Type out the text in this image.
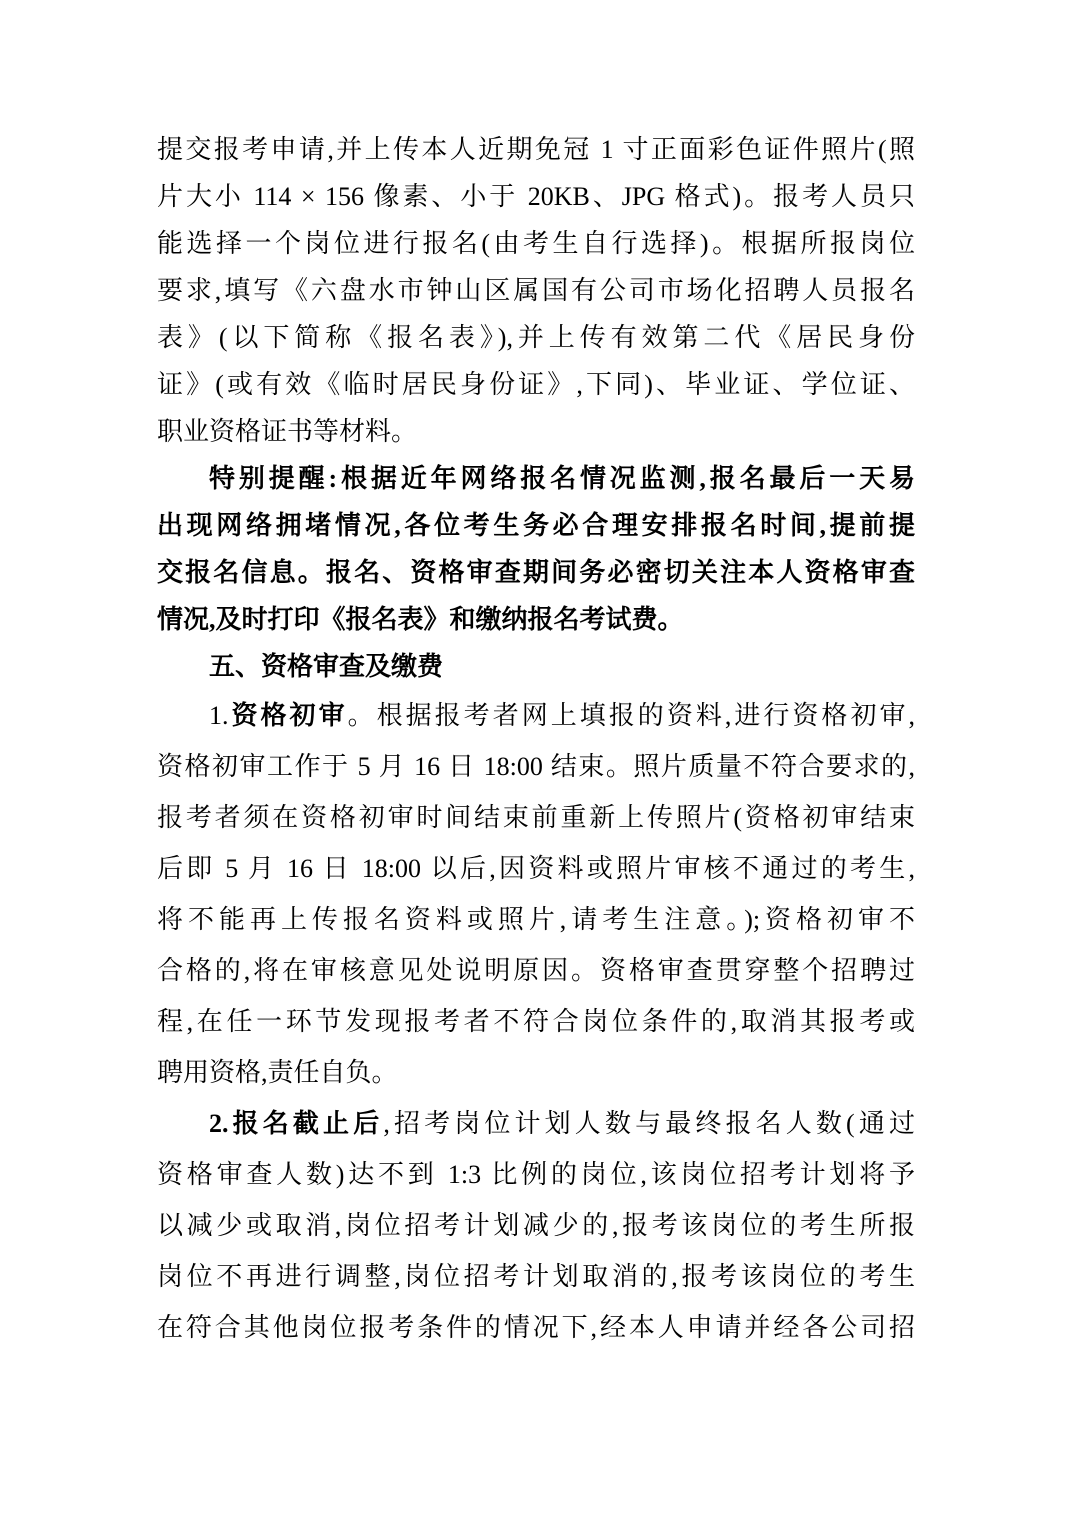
提交报考申请,并上传本人近期免冠 1 寸正面彩色证件照片(照
片大小 114 × 156 像素、小于 20KB、JPG 格式)。报考人员只
能选择一个岗位进行报名(由考生自行选择)。根据所报岗位
要求,填写《六盘水市钟山区属国有公司市场化招聘人员报名
表》(以下简称《报名表》),并上传有效第二代《居民身份
证》(或有效《临时居民身份证》,下同)、毕业证、学位证、
职业资格证书等材料。
特别提醒:根据近年网络报名情况监测,报名最后一天易
出现网络拥堵情况,各位考生务必合理安排报名时间,提前提
交报名信息。报名、资格审查期间务必密切关注本人资格审查
情况,及时打印《报名表》和缴纳报名考试费。
五、资格审查及缴费
1.资格初审。根据报考者网上填报的资料,进行资格初审,
资格初审工作于 5 月 16 日 18:00 结束。照片质量不符合要求的,
报考者须在资格初审时间结束前重新上传照片(资格初审结束
后即 5 月 16 日 18:00 以后,因资料或照片审核不通过的考生,
将不能再上传报名资料或照片,请考生注意。);资格初审不
合格的,将在审核意见处说明原因。资格审查贯穿整个招聘过
程,在任一环节发现报考者不符合岗位条件的,取消其报考或
聘用资格,责任自负。
2.报名截止后,招考岗位计划人数与最终报名人数(通过
资格审查人数)达不到 1:3 比例的岗位,该岗位招考计划将予
以减少或取消,岗位招考计划减少的,报考该岗位的考生所报
岗位不再进行调整,岗位招考计划取消的,报考该岗位的考生
在符合其他岗位报考条件的情况下,经本人申请并经各公司招
